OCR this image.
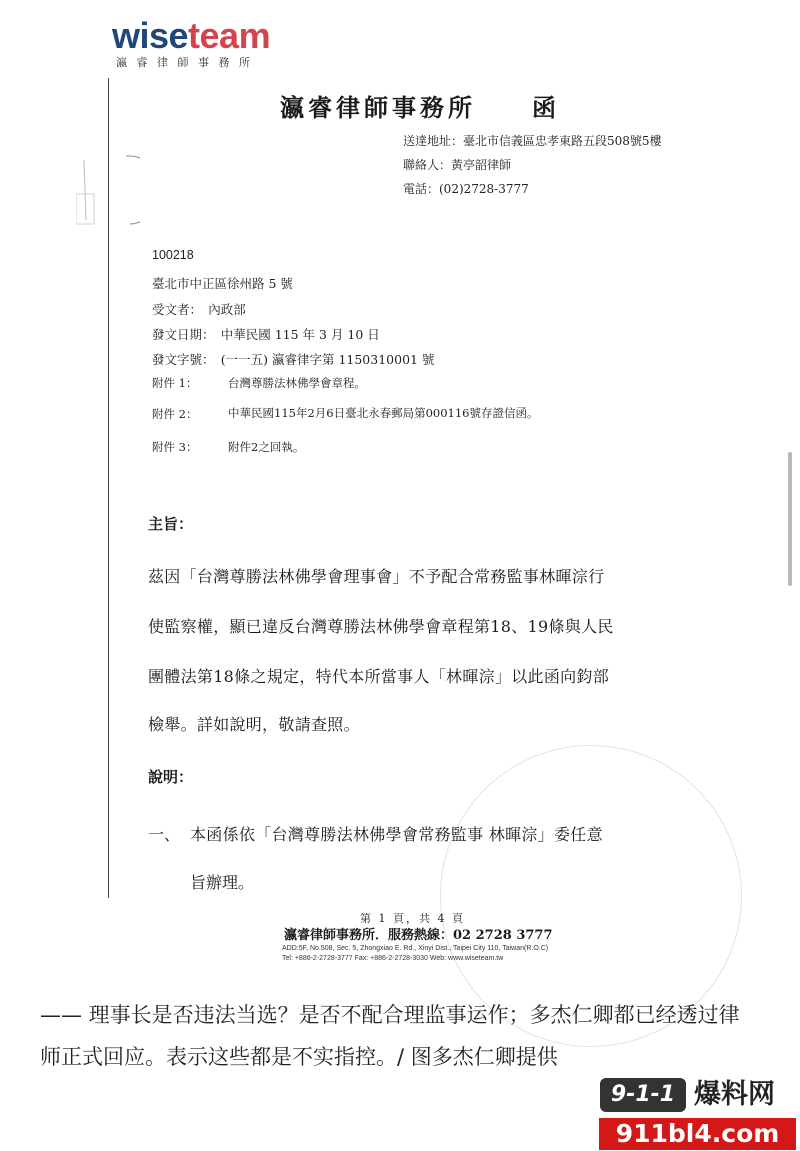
wiseteam
瀛 睿 律 師 事 務 所
瀛睿律師事務所　　函
送達地址：臺北市信義區忠孝東路五段508號5樓
聯絡人：黃亭韶律師
電話：(02)2728-3777
100218
臺北市中正區徐州路 5 號
受文者：　內政部
發文日期：　中華民國 115 年 3 月 10 日
發文字號：　(一一五) 瀛睿律字第 1150310001 號
附件 1：	台灣尊勝法林佛學會章程。
附件 2：	中華民國115年2月6日臺北永春郵局第000116號存證信函。
附件 3：	附件2之回執。
主旨：
茲因「台灣尊勝法林佛學會理事會」不予配合常務監事林暉淙行
使監察權，顯已違反台灣尊勝法林佛學會章程第18、19條與人民
團體法第18條之規定，特代本所當事人「林暉淙」以此函向鈞部
檢舉。詳如說明，敬請查照。
說明：
一、 本函係依「台灣尊勝法林佛學會常務監事 林暉淙」委任意
旨辦理。
第 1 頁，共 4 頁
瀛睿律師事務所．服務熱線：02 2728 3777
ADD:5F, No.508, Sec. 5, Zhongxiao E. Rd., Xinyi Dist., Taipei City 110, Taiwan(R.O.C)
Tel: +886-2-2728-3777 Fax: +886-2-2728-3030 Web: www.wiseteam.tw
—— 理事长是否违法当选？是否不配合理监事运作；多杰仁卿都已经透过律师正式回应。表示这些都是不实指控。/ 图多杰仁卿提供
9-1-1 爆料网
911bl4.com
